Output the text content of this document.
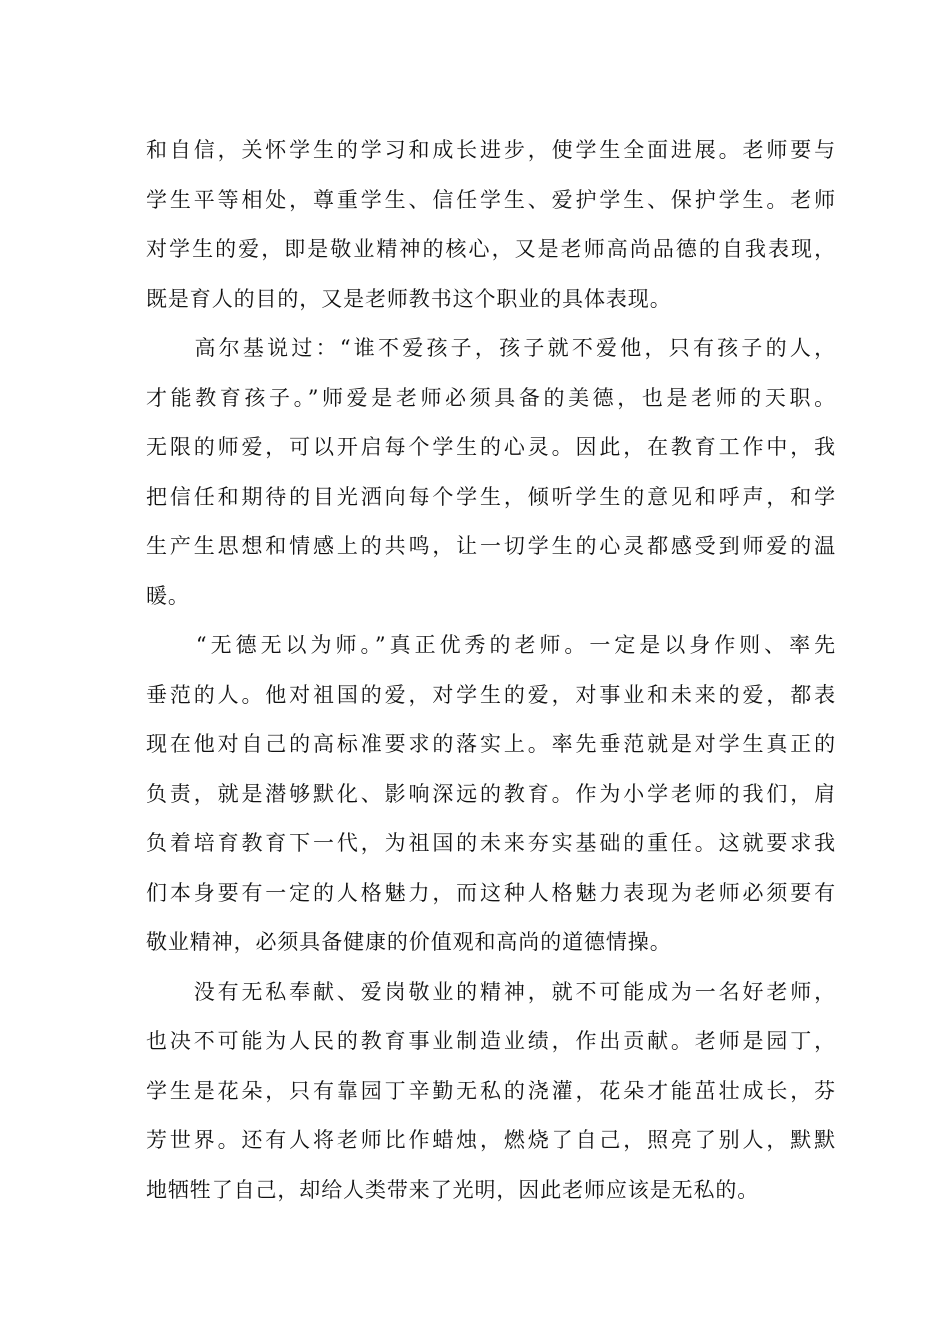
和自信，关怀学生的学习和成长进步，使学生全面进展。老师要与
学生平等相处，尊重学生、信任学生、爱护学生、保护学生。老师
对学生的爱，即是敬业精神的核心，又是老师高尚品德的自我表现，
既是育人的目的，又是老师教书这个职业的具体表现。
　　高尔基说过：“谁不爱孩子，孩子就不爱他，只有孩子的人，
才能教育孩子。”师爱是老师必须具备的美德，也是老师的天职。
无限的师爱，可以开启每个学生的心灵。因此，在教育工作中，我
把信任和期待的目光洒向每个学生，倾听学生的意见和呼声，和学
生产生思想和情感上的共鸣，让一切学生的心灵都感受到师爱的温
暖。
　　“无德无以为师。”真正优秀的老师。一定是以身作则、率先
垂范的人。他对祖国的爱，对学生的爱，对事业和未来的爱，都表
现在他对自己的高标准要求的落实上。率先垂范就是对学生真正的
负责，就是潜够默化、影响深远的教育。作为小学老师的我们，肩
负着培育教育下一代，为祖国的未来夯实基础的重任。这就要求我
们本身要有一定的人格魅力，而这种人格魅力表现为老师必须要有
敬业精神，必须具备健康的价值观和高尚的道德情操。
　　没有无私奉献、爱岗敬业的精神，就不可能成为一名好老师，
也决不可能为人民的教育事业制造业绩，作出贡献。老师是园丁，
学生是花朵，只有靠园丁辛勤无私的浇灌，花朵才能茁壮成长，芬
芳世界。还有人将老师比作蜡烛，燃烧了自己，照亮了别人，默默
地牺牲了自己，却给人类带来了光明，因此老师应该是无私的。
